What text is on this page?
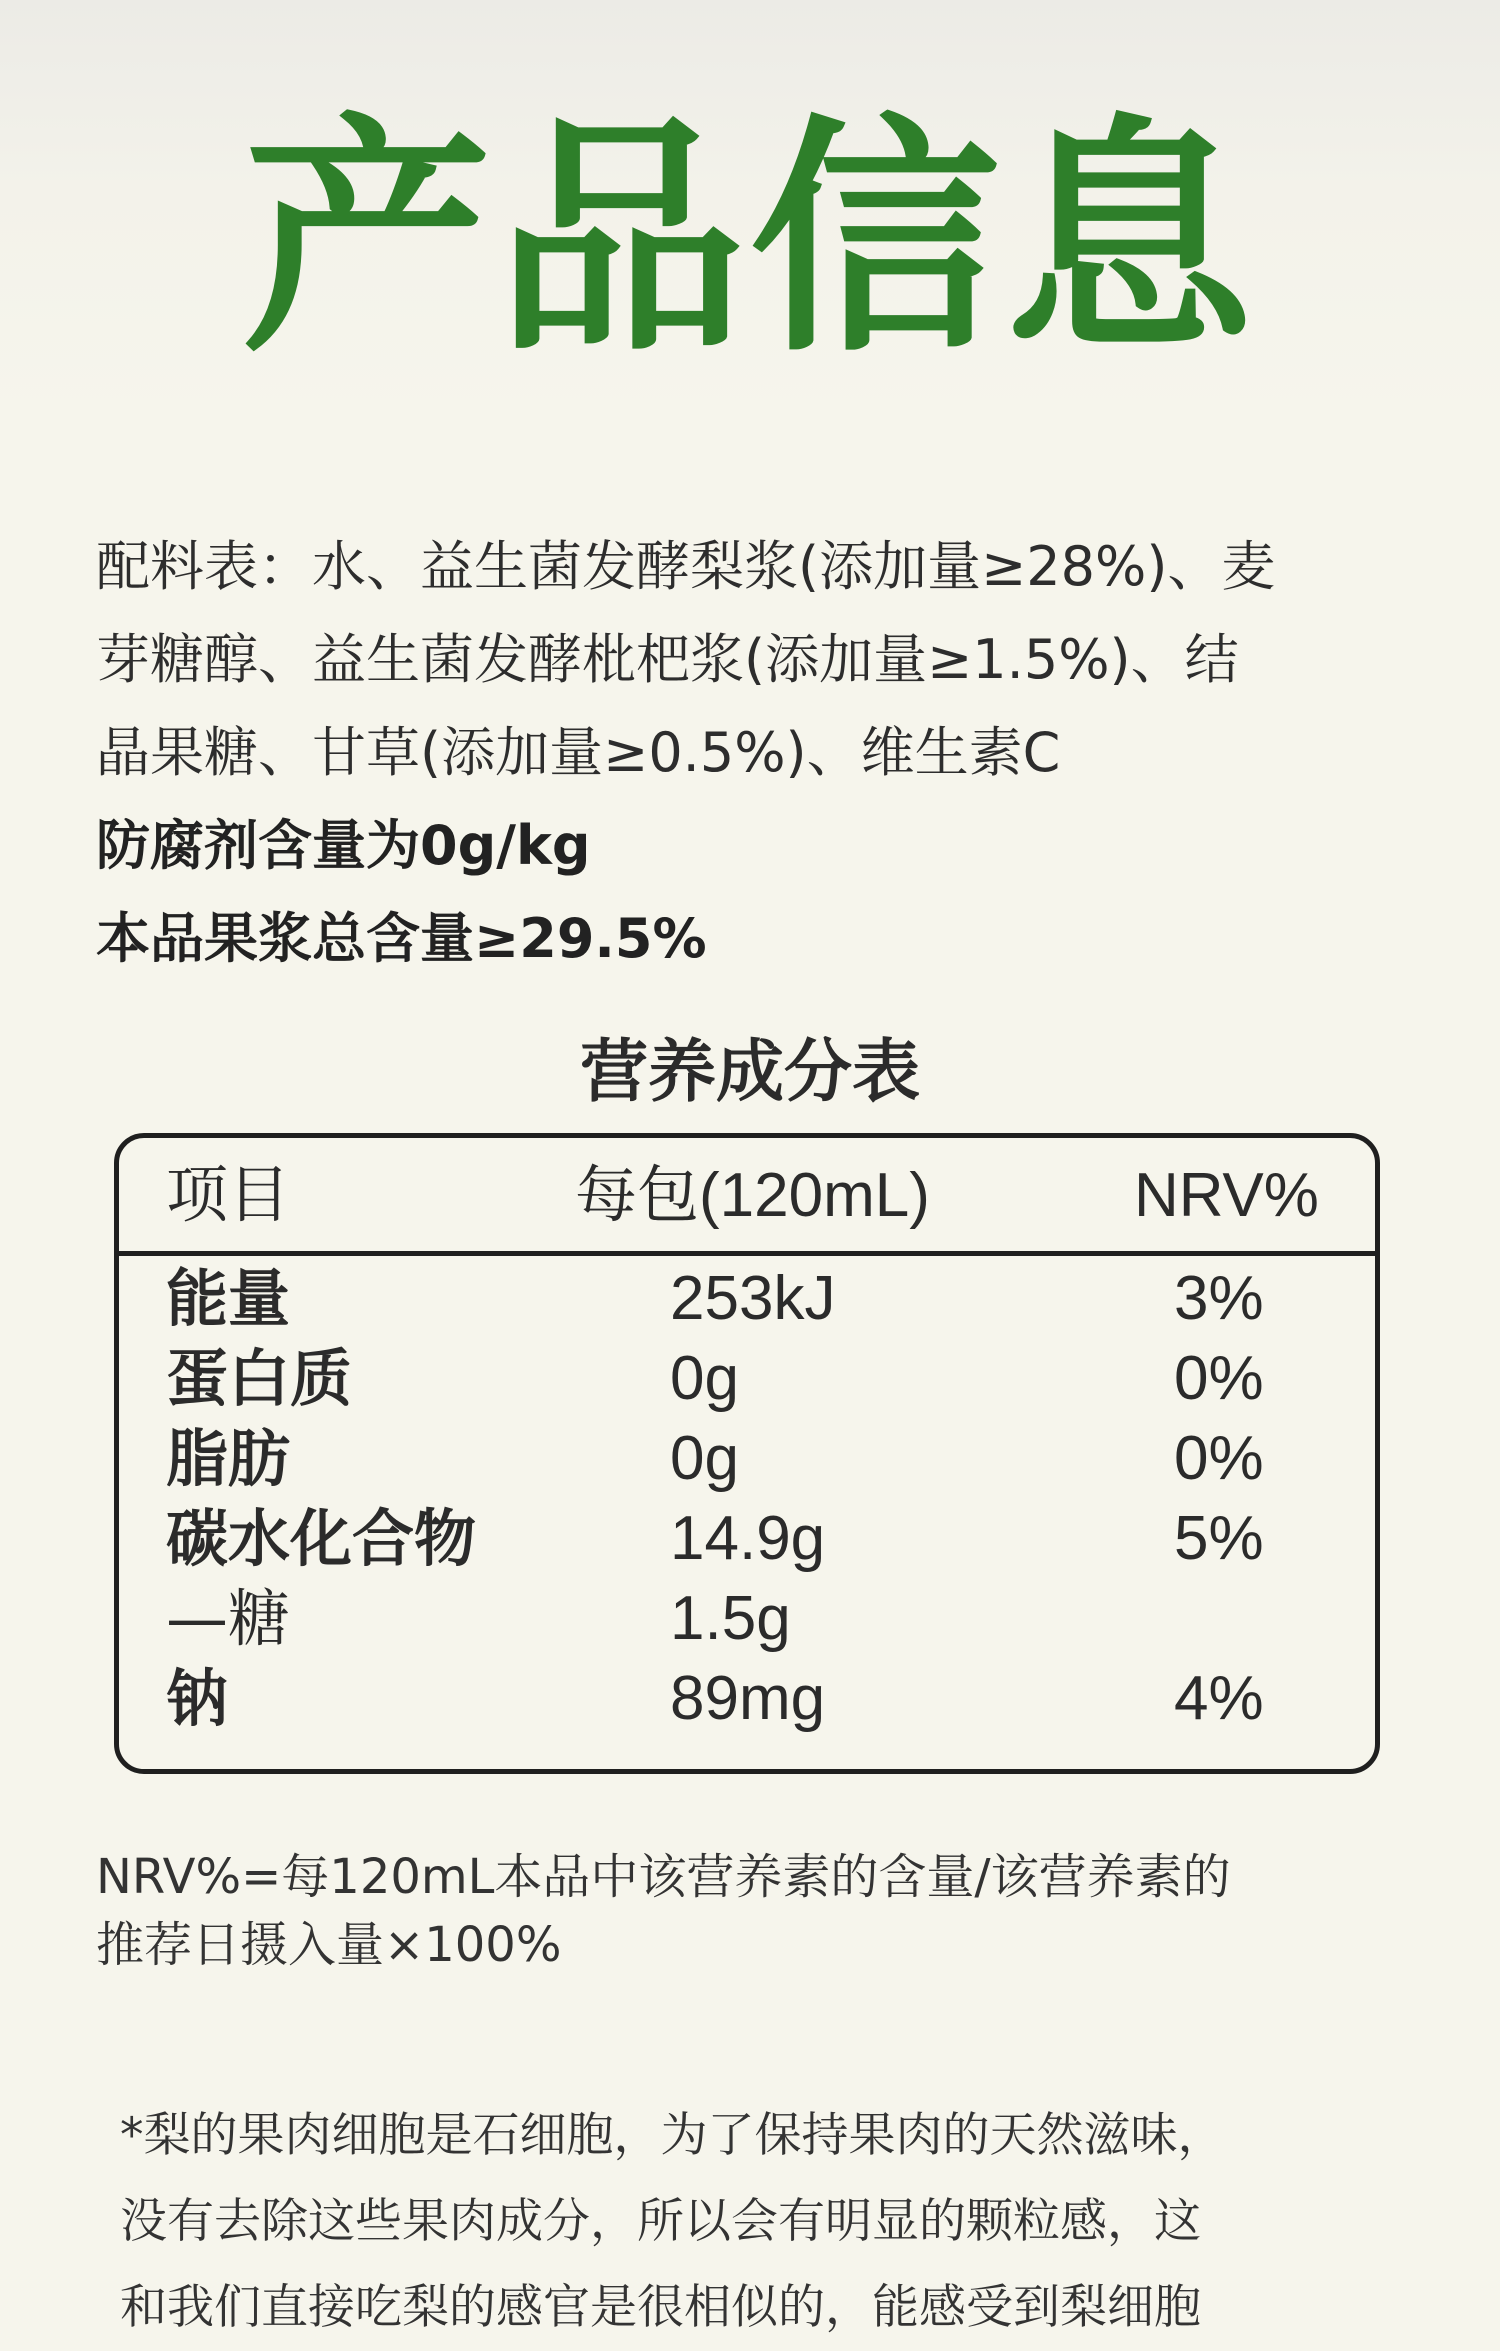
产品信息

配料表：水、益生菌发酵梨浆(添加量≥28%)、麦

芽糖醇、益生菌发酵枇杷浆(添加量≥1.5%)、结

晶果糖、甘草(添加量≥0.5%)、维生素C

防腐剂含量为0g/kg

本品果浆总含量≥29.5%

营养成分表
项目	每包(120mL)	NRV%
能量	253kJ	3%
蛋白质	0g	0%
脂肪	0g	0%
碳水化合物	14.9g	5%
—糖	1.5g
钠	89mg	4%
NRV%=每120mL本品中该营养素的含量/该营养素的
推荐日摄入量×100%

*梨的果肉细胞是石细胞，为了保持果肉的天然滋味，

没有去除这些果肉成分，所以会有明显的颗粒感，这

和我们直接吃梨的感官是很相似的，能感受到梨细胞
